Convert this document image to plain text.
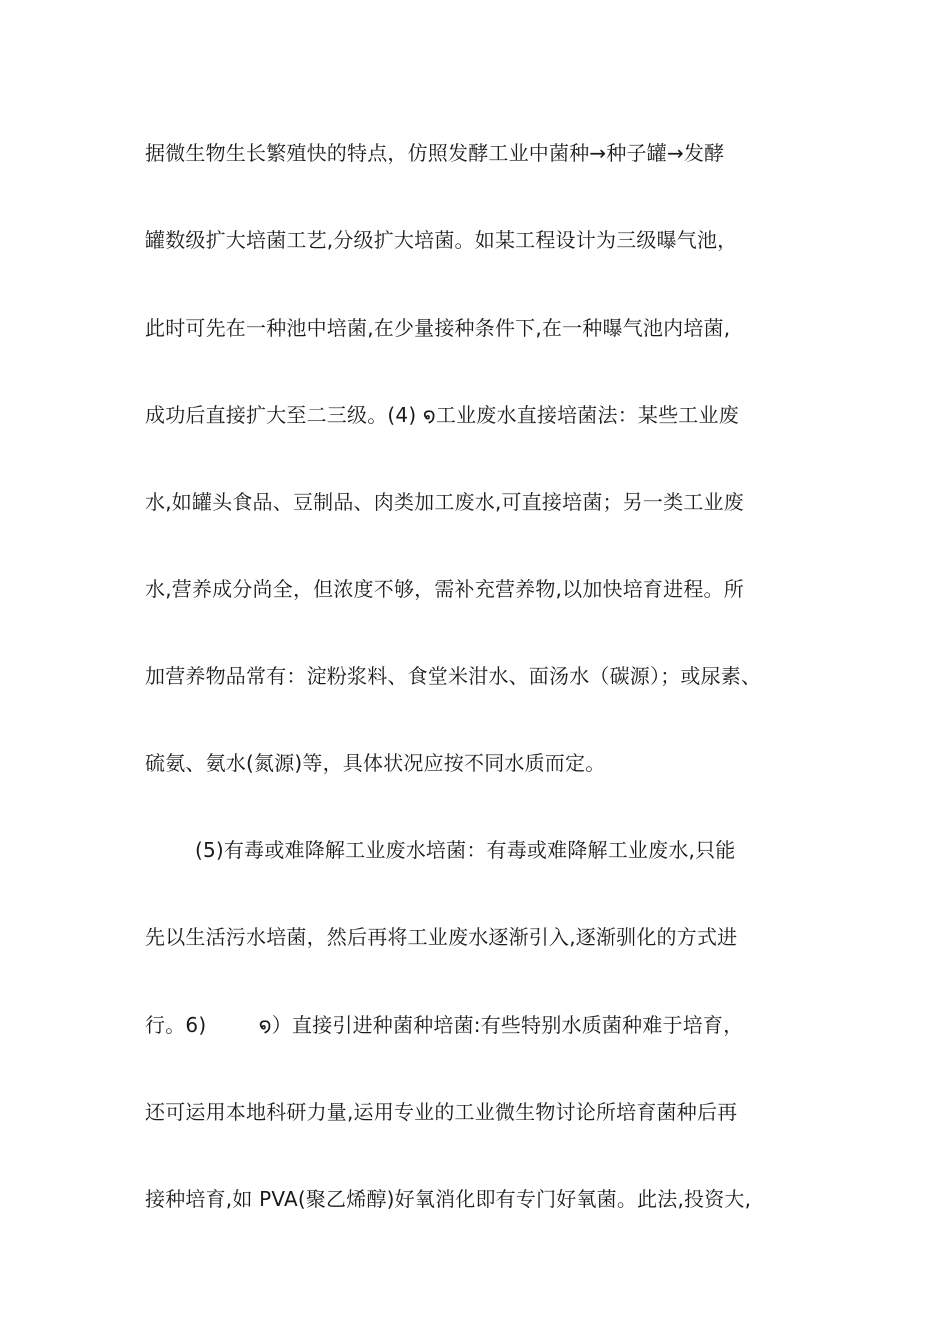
据微生物生长繁殖快的特点，仿照发酵工业中菌种→种子罐→发酵
罐数级扩大培菌工艺,分级扩大培菌。如某工程设计为三级曝气池，
此时可先在一种池中培菌,在少量接种条件下,在一种曝气池内培菌,
成功后直接扩大至二三级。(4) ໑工业废水直接培菌法：某些工业废
水,如罐头食品、豆制品、肉类加工废水,可直接培菌；另一类工业废
水,营养成分尚全，但浓度不够，需补充营养物,以加快培育进程。所
加营养物品常有：淀粉浆料、食堂米泔水、面汤水（碳源）；或尿素、
硫氨、氨水(氮源)等，具体状况应按不同水质而定。
(5)有毒或难降解工业废水培菌：有毒或难降解工业废水,只能
先以生活污水培菌，然后再将工业废水逐渐引入,逐渐驯化的方式进
行。6)        ໑）直接引进种菌种培菌:有些特别水质菌种难于培育，
还可运用本地科研力量,运用专业的工业微生物讨论所培育菌种后再
接种培育,如 PVA(聚乙烯醇)好氧消化即有专门好氧菌。此法,投资大,
